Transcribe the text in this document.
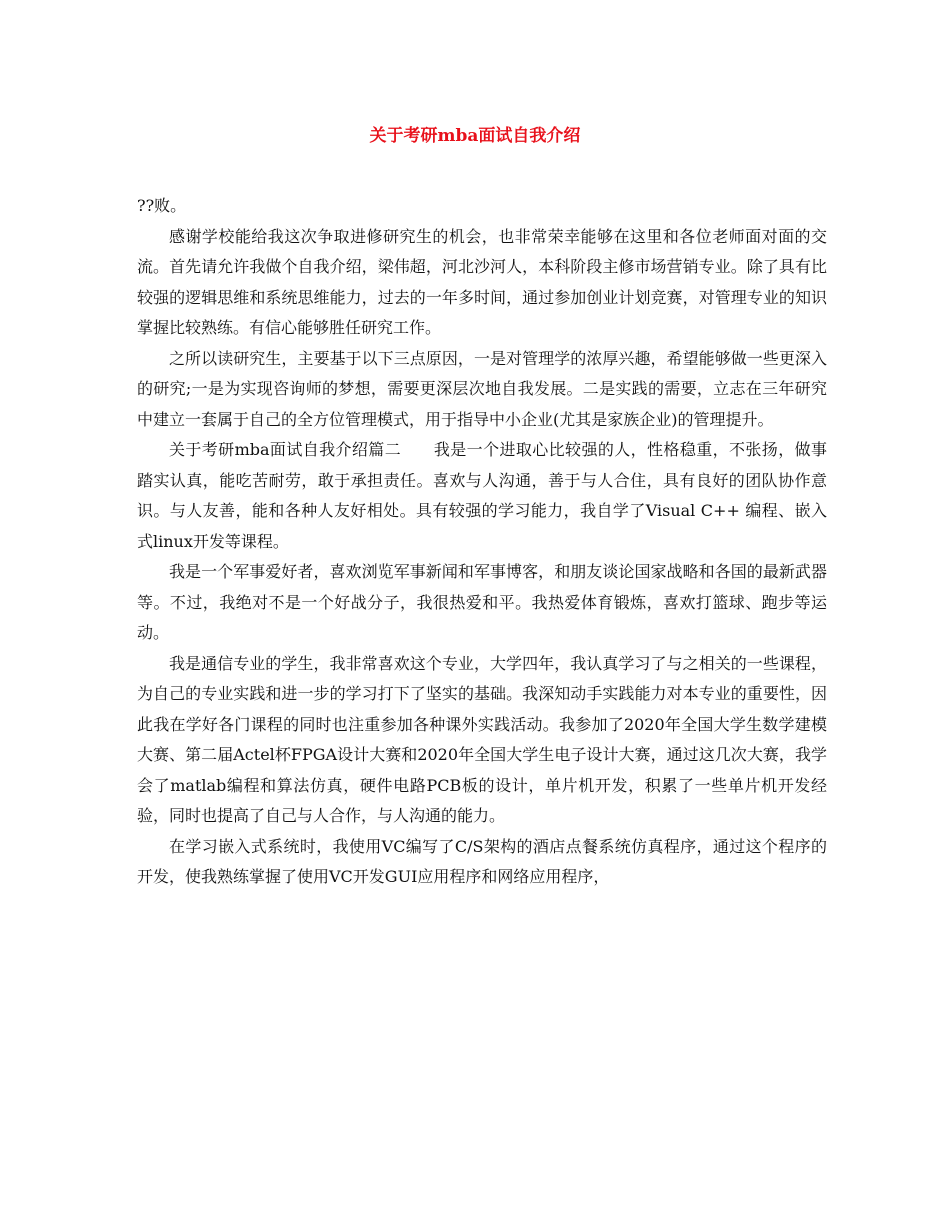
关于考研mba面试自我介绍

??败。

感谢学校能给我这次争取进修研究生的机会，也非常荣幸能够在这里和各位老师面对面的交流。首先请允许我做个自我介绍，梁伟超，河北沙河人，本科阶段主修市场营销专业。除了具有比较强的逻辑思维和系统思维能力，过去的一年多时间，通过参加创业计划竞赛，对管理专业的知识掌握比较熟练。有信心能够胜任研究工作。

之所以读研究生，主要基于以下三点原因，一是对管理学的浓厚兴趣，希望能够做一些更深入的研究;一是为实现咨询师的梦想，需要更深层次地自我发展。二是实践的需要，立志在三年研究中建立一套属于自己的全方位管理模式，用于指导中小企业(尤其是家族企业)的管理提升。

关于考研mba面试自我介绍篇二　　我是一个进取心比较强的人，性格稳重，不张扬，做事踏实认真，能吃苦耐劳，敢于承担责任。喜欢与人沟通，善于与人合住，具有良好的团队协作意识。与人友善，能和各种人友好相处。具有较强的学习能力，我自学了Visual C++ 编程、嵌入式linux开发等课程。

我是一个军事爱好者，喜欢浏览军事新闻和军事博客，和朋友谈论国家战略和各国的最新武器等。不过，我绝对不是一个好战分子，我很热爱和平。我热爱体育锻炼，喜欢打篮球、跑步等运动。

我是通信专业的学生，我非常喜欢这个专业，大学四年，我认真学习了与之相关的一些课程，为自己的专业实践和进一步的学习打下了坚实的基础。我深知动手实践能力对本专业的重要性，因此我在学好各门课程的同时也注重参加各种课外实践活动。我参加了2020年全国大学生数学建模大赛、第二届Actel杯FPGA设计大赛和2020年全国大学生电子设计大赛，通过这几次大赛，我学会了matlab编程和算法仿真，硬件电路PCB板的设计，单片机开发，积累了一些单片机开发经验，同时也提高了自己与人合作，与人沟通的能力。

在学习嵌入式系统时，我使用VC编写了C/S架构的酒店点餐系统仿真程序，通过这个程序的开发，使我熟练掌握了使用VC开发GUI应用程序和网络应用程序，
